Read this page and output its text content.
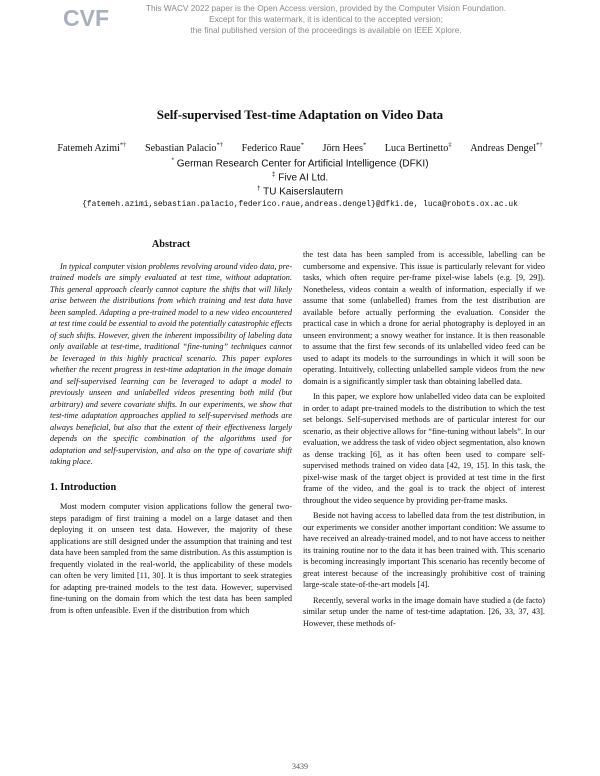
CVF	This WACV 2022 paper is the Open Access version, provided by the Computer Vision Foundation.
Except for this watermark, it is identical to the accepted version;
the final published version of the proceedings is available on IEEE Xplore.
Self-supervised Test-time Adaptation on Video Data
Fatemeh Azimi*† Sebastian Palacio*† Federico Raue* Jörn Hees* Luca Bertinetto‡ Andreas Dengel*†
* German Research Center for Artificial Intelligence (DFKI)
‡ Five AI Ltd.
† TU Kaiserslautern
{fatemeh.azimi,sebastian.palacio,federico.raue,andreas.dengel}@dfki.de, luca@robots.ox.ac.uk
Abstract

In typical computer vision problems revolving around video data, pre-trained models are simply evaluated at test time, without adaptation. This general approach clearly cannot capture the shifts that will likely arise between the distributions from which training and test data have been sampled. Adapting a pre-trained model to a new video encountered at test time could be essential to avoid the potentially catastrophic effects of such shifts. However, given the inherent impossibility of labeling data only available at test-time, traditional “fine-tuning” techniques cannot be leveraged in this highly practical scenario. This paper explores whether the recent progress in test-time adaptation in the image domain and self-supervised learning can be leveraged to adapt a model to previously unseen and unlabelled videos presenting both mild (but arbitrary) and severe covariate shifts. In our experiments, we show that test-time adaptation approaches applied to self-supervised methods are always beneficial, but also that the extent of their effectiveness largely depends on the specific combination of the algorithms used for adaptation and self-supervision, and also on the type of covariate shift taking place.

1. Introduction

Most modern computer vision applications follow the general two-steps paradigm of first training a model on a large dataset and then deploying it on unseen test data. However, the majority of these applications are still designed under the assumption that training and test data have been sampled from the same distribution. As this assumption is frequently violated in the real-world, the applicability of these models can often be very limited [11, 30]. It is thus important to seek strategies for adapting pre-trained models to the test data. However, supervised fine-tuning on the domain from which the test data has been sampled from is often unfeasible. Even if the distribution from which

the test data has been sampled from is accessible, labelling can be cumbersome and expensive. This issue is particularly relevant for video tasks, which often require per-frame pixel-wise labels (e.g. [9, 29]). Nonetheless, videos contain a wealth of information, especially if we assume that some (unlabelled) frames from the test distribution are available before actually performing the evaluation. Consider the practical case in which a drone for aerial photography is deployed in an unseen environment; a snowy weather for instance. It is then reasonable to assume that the first few seconds of its unlabelled video feed can be used to adapt its models to the surroundings in which it will soon be operating. Intuitively, collecting unlabelled sample videos from the new domain is a significantly simpler task than obtaining labelled data.

In this paper, we explore how unlabelled video data can be exploited in order to adapt pre-trained models to the distribution to which the test set belongs. Self-supervised methods are of particular interest for our scenario, as their objective allows for “fine-tuning without labels”. In our evaluation, we address the task of video object segmentation, also known as dense tracking [6], as it has often been used to compare self-supervised methods trained on video data [42, 19, 15]. In this task, the pixel-wise mask of the target object is provided at test time in the first frame of the video, and the goal is to track the object of interest throughout the video sequence by providing per-frame masks.

Beside not having access to labelled data from the test distribution, in our experiments we consider another important condition: We assume to have received an already-trained model, and to not have access to neither its training routine nor to the data it has been trained with. This scenario is becoming increasingly important This scenario has recently become of great interest because of the increasingly prohibitive cost of training large-scale state-of-the-art models [4].

Recently, several works in the image domain have studied a (de facto) similar setup under the name of test-time adaptation. [26, 33, 37, 43]. However, these methods of-

3439
